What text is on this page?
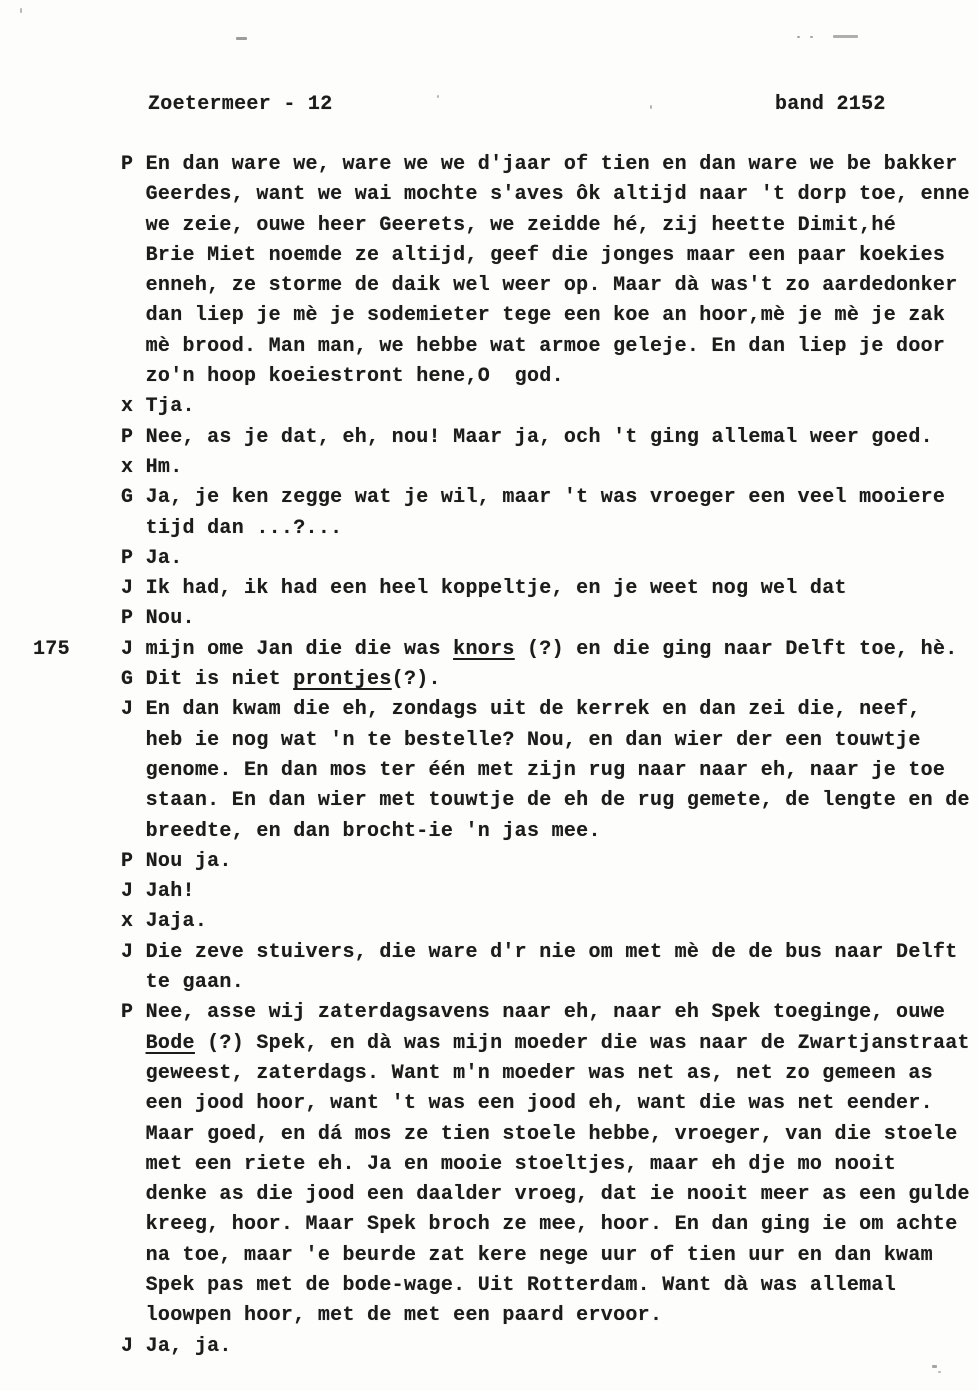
Zoetermeer - 12	band 2152
P En dan ware we, ware we we d'jaar of tien en dan ware we be bakker
Geerdes, want we wai mochte s'aves ôk altijd naar 't dorp toe, enne
we zeie, ouwe heer Geerets, we zeidde hé, zij heette Dimit,hé
Brie Miet noemde ze altijd, geef die jonges maar een paar koekies
enneh, ze storme de daik wel weer op. Maar dà was't zo aardedonker
dan liep je mè je sodemieter tege een koe an hoor,mè je mè je zak
mè brood. Man man, we hebbe wat armoe geleje. En dan liep je door
zo'n hoop koeiestront hene,O  god.
x Tja.
P Nee, as je dat, eh, nou! Maar ja, och 't ging allemal weer goed.
x Hm.
G Ja, je ken zegge wat je wil, maar 't was vroeger een veel mooiere
tijd dan ...?...
P Ja.
J Ik had, ik had een heel koppeltje, en je weet nog wel dat
P Nou.
175	J mijn ome Jan die die was knors (?) en die ging naar Delft toe, hè.
G Dit is niet prontjes(?).
J En dan kwam die eh, zondags uit de kerrek en dan zei die, neef,
heb ie nog wat 'n te bestelle? Nou, en dan wier der een touwtje
genome. En dan mos ter één met zijn rug naar naar eh, naar je toe
staan. En dan wier met touwtje de eh de rug gemete, de lengte en de
breedte, en dan brocht-ie 'n jas mee.
P Nou ja.
J Jah!
x Jaja.
J Die zeve stuivers, die ware d'r nie om met mè de de bus naar Delft
te gaan.
P Nee, asse wij zaterdagsavens naar eh, naar eh Spek toeginge, ouwe
Bode (?) Spek, en dà was mijn moeder die was naar de Zwartjanstraat
geweest, zaterdags. Want m'n moeder was net as, net zo gemeen as
een jood hoor, want 't was een jood eh, want die was net eender.
Maar goed, en dá mos ze tien stoele hebbe, vroeger, van die stoele
met een riete eh. Ja en mooie stoeltjes, maar eh dje mo nooit
denke as die jood een daalder vroeg, dat ie nooit meer as een gulde
kreeg, hoor. Maar Spek broch ze mee, hoor. En dan ging ie om achte
na toe, maar 'e beurde zat kere nege uur of tien uur en dan kwam
Spek pas met de bode-wage. Uit Rotterdam. Want dà was allemal
loowpen hoor, met de met een paard ervoor.
J Ja, ja.
